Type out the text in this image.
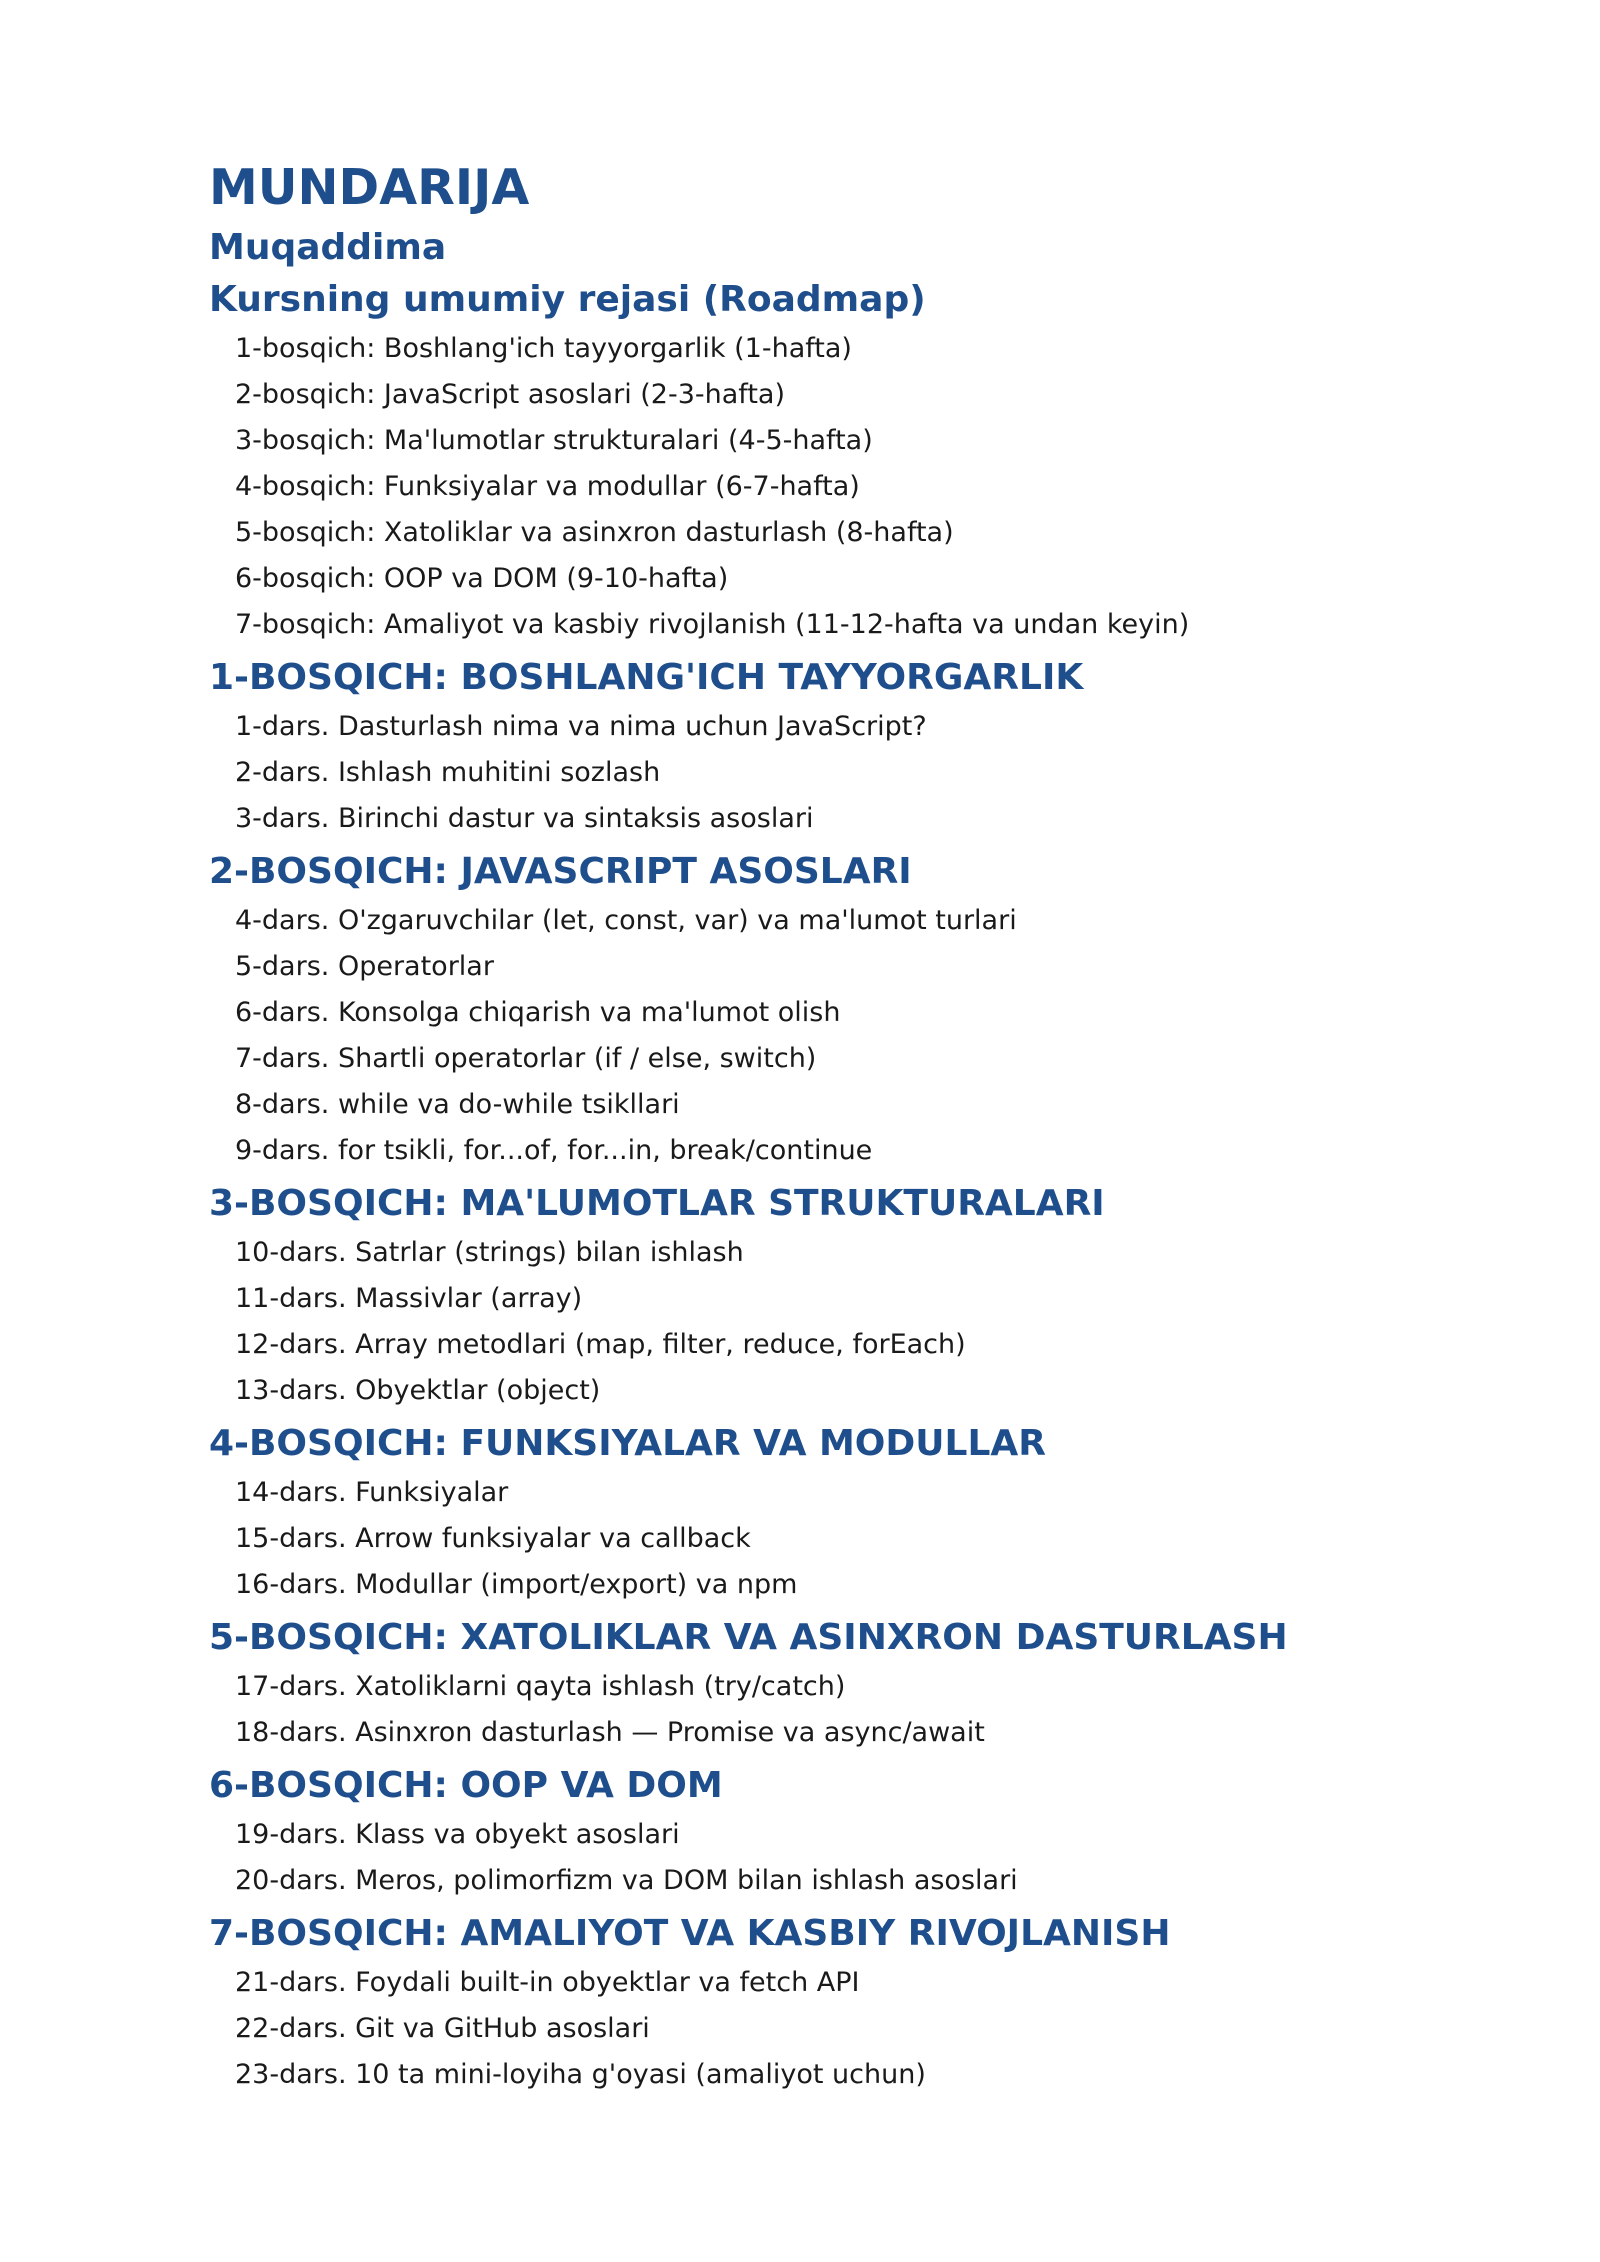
MUNDARIJA
Muqaddima
Kursning umumiy rejasi (Roadmap)
1-bosqich: Boshlang'ich tayyorgarlik (1-hafta)
2-bosqich: JavaScript asoslari (2-3-hafta)
3-bosqich: Ma'lumotlar strukturalari (4-5-hafta)
4-bosqich: Funksiyalar va modullar (6-7-hafta)
5-bosqich: Xatoliklar va asinxron dasturlash (8-hafta)
6-bosqich: OOP va DOM (9-10-hafta)
7-bosqich: Amaliyot va kasbiy rivojlanish (11-12-hafta va undan keyin)
1-BOSQICH: BOSHLANG'ICH TAYYORGARLIK
1-dars. Dasturlash nima va nima uchun JavaScript?
2-dars. Ishlash muhitini sozlash
3-dars. Birinchi dastur va sintaksis asoslari
2-BOSQICH: JAVASCRIPT ASOSLARI
4-dars. O'zgaruvchilar (let, const, var) va ma'lumot turlari
5-dars. Operatorlar
6-dars. Konsolga chiqarish va ma'lumot olish
7-dars. Shartli operatorlar (if / else, switch)
8-dars. while va do-while tsikllari
9-dars. for tsikli, for...of, for...in, break/continue
3-BOSQICH: MA'LUMOTLAR STRUKTURALARI
10-dars. Satrlar (strings) bilan ishlash
11-dars. Massivlar (array)
12-dars. Array metodlari (map, filter, reduce, forEach)
13-dars. Obyektlar (object)
4-BOSQICH: FUNKSIYALAR VA MODULLAR
14-dars. Funksiyalar
15-dars. Arrow funksiyalar va callback
16-dars. Modullar (import/export) va npm
5-BOSQICH: XATOLIKLAR VA ASINXRON DASTURLASH
17-dars. Xatoliklarni qayta ishlash (try/catch)
18-dars. Asinxron dasturlash — Promise va async/await
6-BOSQICH: OOP VA DOM
19-dars. Klass va obyekt asoslari
20-dars. Meros, polimorfizm va DOM bilan ishlash asoslari
7-BOSQICH: AMALIYOT VA KASBIY RIVOJLANISH
21-dars. Foydali built-in obyektlar va fetch API
22-dars. Git va GitHub asoslari
23-dars. 10 ta mini-loyiha g'oyasi (amaliyot uchun)
